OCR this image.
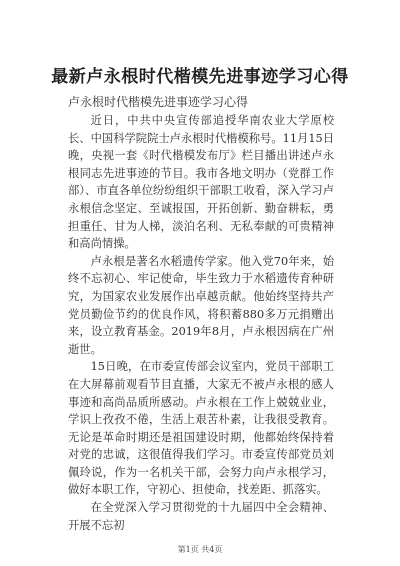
最新卢永根时代楷模先进事迹学习心得
卢永根时代楷模先进事迹学习心得

近日，中共中央宣传部追授华南农业大学原校长、中国科学院院士卢永根时代楷模称号。11月15日晚，央视一套《时代楷模发布厅》栏目播出讲述卢永根同志先进事迹的节目。我市各地文明办（党群工作部）、市直各单位纷纷组织干部职工收看，深入学习卢永根信念坚定、至诚报国，开拓创新、勤奋耕耘，勇担重任、甘为人梯，淡泊名利、无私奉献的可贵精神和高尚情操。

卢永根是著名水稻遗传学家。他入党70年来，始终不忘初心、牢记使命，毕生致力于水稻遗传育种研究，为国家农业发展作出卓越贡献。他始终坚持共产党员勤俭节约的优良作风，将积蓄880多万元捐赠出来，设立教育基金。2019年8月，卢永根因病在广州逝世。

15日晚，在市委宣传部会议室内，党员干部职工在大屏幕前观看节目直播，大家无不被卢永根的感人事迹和高尚品质所感动。卢永根在工作上兢兢业业，学识上孜孜不倦，生活上艰苦朴素，让我很受教育。无论是革命时期还是祖国建设时期，他都始终保持着对党的忠诚，这很值得我们学习。市委宣传部党员刘佩玲说，作为一名机关干部，会努力向卢永根学习，做好本职工作，守初心、担使命，找差距、抓落实。

在全党深入学习贯彻党的十九届四中全会精神、开展不忘初

第1页 共4页
